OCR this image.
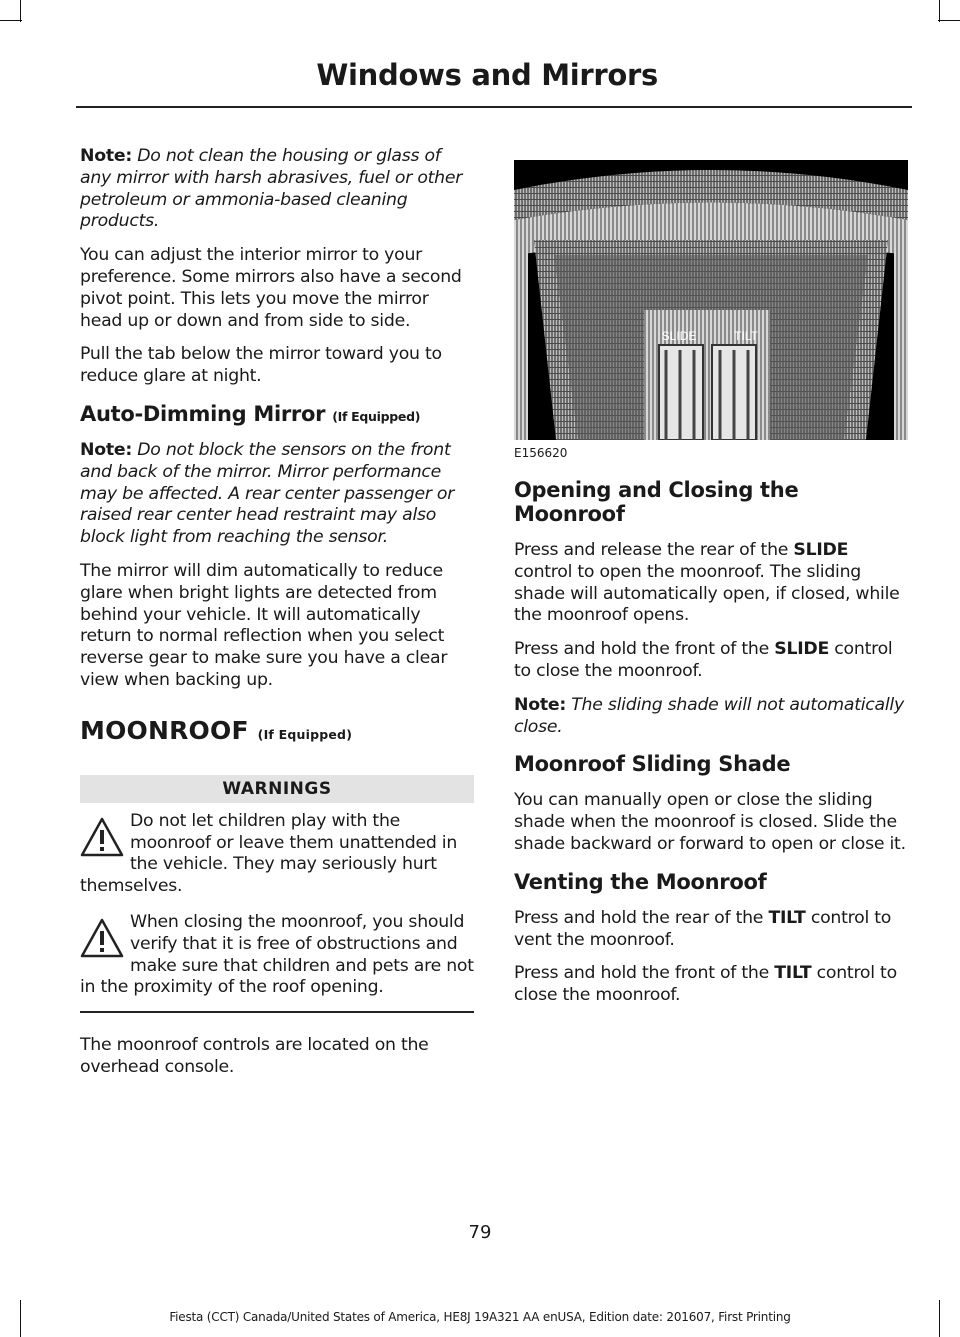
Windows and Mirrors

Note: Do not clean the housing or glass of any mirror with harsh abrasives, fuel or other petroleum or ammonia-based cleaning products.

You can adjust the interior mirror to your preference. Some mirrors also have a second pivot point. This lets you move the mirror head up or down and from side to side.

Pull the tab below the mirror toward you to reduce glare at night.

Auto-Dimming Mirror (If Equipped)

Note: Do not block the sensors on the front and back of the mirror. Mirror performance may be affected. A rear center passenger or raised rear center head restraint may also block light from reaching the sensor.

The mirror will dim automatically to reduce glare when bright lights are detected from behind your vehicle. It will automatically return to normal reflection when you select reverse gear to make sure you have a clear view when backing up.

MOONROOF (If Equipped)
WARNINGS

Do not let children play with the moonroof or leave them unattended in the vehicle. They may seriously hurt themselves.

When closing the moonroof, you should verify that it is free of obstructions and make sure that children and pets are not in the proximity of the roof opening.

The moonroof controls are located on the overhead console.

SLIDE	TILT
E156620
Opening and Closing the Moonroof

Press and release the rear of the SLIDE control to open the moonroof. The sliding shade will automatically open, if closed, while the moonroof opens.

Press and hold the front of the SLIDE control to close the moonroof.

Note: The sliding shade will not automatically close.

Moonroof Sliding Shade

You can manually open or close the sliding shade when the moonroof is closed. Slide the shade backward or forward to open or close it.

Venting the Moonroof

Press and hold the rear of the TILT control to vent the moonroof.

Press and hold the front of the TILT control to close the moonroof.

79
Fiesta (CCT) Canada/United States of America, HE8J 19A321 AA enUSA, Edition date: 201607, First Printing
